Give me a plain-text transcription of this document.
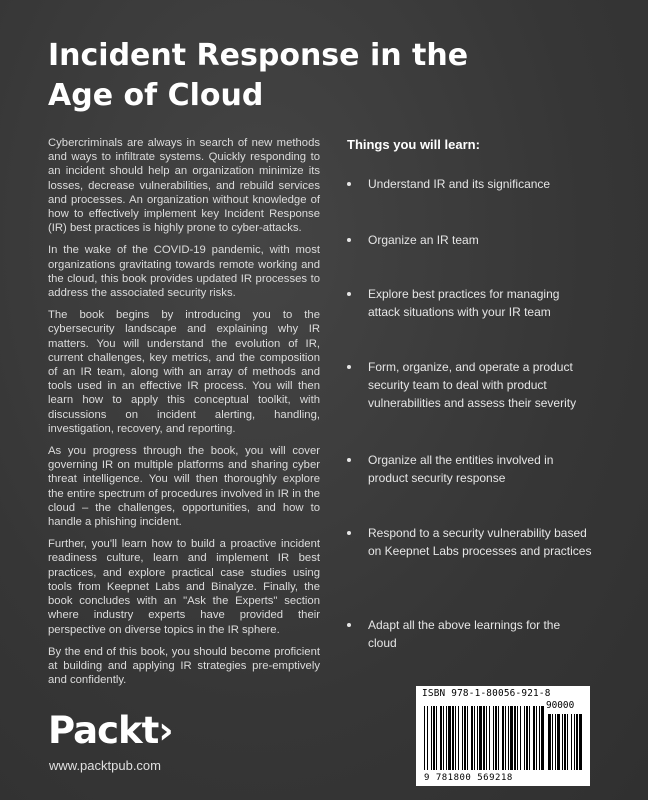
Incident Response in the
Age of Cloud

Cybercriminals are always in search of new methods and ways to infiltrate systems. Quickly responding to an incident should help an organization minimize its losses, decrease vulnerabilities, and rebuild services and processes. An organization without knowledge of how to effectively implement key Incident Response (IR) best practices is highly prone to cyber-attacks.

In the wake of the COVID-19 pandemic, with most organizations gravitating towards remote working and the cloud, this book provides updated IR processes to address the associated security risks.

The book begins by introducing you to the cybersecurity landscape and explaining why IR matters. You will understand the evolution of IR, current challenges, key metrics, and the composition of an IR team, along with an array of methods and tools used in an effective IR process. You will then learn how to apply this conceptual toolkit, with discussions on incident alerting, handling, investigation, recovery, and reporting.

As you progress through the book, you will cover governing IR on multiple platforms and sharing cyber threat intelligence. You will then thoroughly explore the entire spectrum of procedures involved in IR in the cloud – the challenges, opportunities, and how to handle a phishing incident.

Further, you'll learn how to build a proactive incident readiness culture, learn and implement IR best practices, and explore practical case studies using tools from Keepnet Labs and Binalyze. Finally, the book concludes with an "Ask the Experts" section where industry experts have provided their perspective on diverse topics in the IR sphere.

By the end of this book, you should become proficient at building and applying IR strategies pre-emptively and confidently.

Things you will learn:
Understand IR and its significance
Organize an IR team
Explore best practices for managing attack situations with your IR team
Form, organize, and operate a product security team to deal with product vulnerabilities and assess their severity
Organize all the entities involved in product security response
Respond to a security vulnerability based on Keepnet Labs processes and practices
Adapt all the above learnings for the cloud
Packt›
www.packtpub.com
ISBN 978-1-80056-921-8
90000
9 781800 569218
